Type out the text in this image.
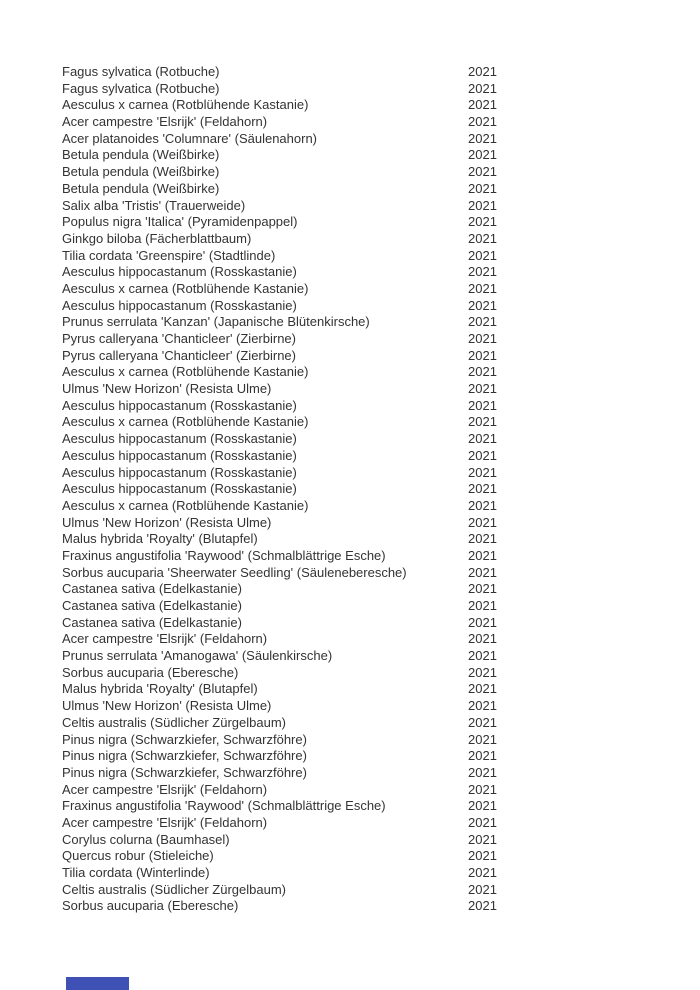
Fagus sylvatica (Rotbuche)	2021
Fagus sylvatica (Rotbuche)	2021
Aesculus x carnea (Rotblühende Kastanie)	2021
Acer campestre 'Elsrijk' (Feldahorn)	2021
Acer platanoides 'Columnare' (Säulenahorn)	2021
Betula pendula (Weißbirke)	2021
Betula pendula (Weißbirke)	2021
Betula pendula (Weißbirke)	2021
Salix alba 'Tristis' (Trauerweide)	2021
Populus nigra 'Italica' (Pyramidenpappel)	2021
Ginkgo biloba (Fächerblattbaum)	2021
Tilia cordata 'Greenspire' (Stadtlinde)	2021
Aesculus hippocastanum (Rosskastanie)	2021
Aesculus x carnea (Rotblühende Kastanie)	2021
Aesculus hippocastanum (Rosskastanie)	2021
Prunus serrulata 'Kanzan' (Japanische Blütenkirsche)	2021
Pyrus calleryana 'Chanticleer' (Zierbirne)	2021
Pyrus calleryana 'Chanticleer' (Zierbirne)	2021
Aesculus x carnea (Rotblühende Kastanie)	2021
Ulmus 'New Horizon' (Resista Ulme)	2021
Aesculus hippocastanum (Rosskastanie)	2021
Aesculus x carnea (Rotblühende Kastanie)	2021
Aesculus hippocastanum (Rosskastanie)	2021
Aesculus hippocastanum (Rosskastanie)	2021
Aesculus hippocastanum (Rosskastanie)	2021
Aesculus hippocastanum (Rosskastanie)	2021
Aesculus x carnea (Rotblühende Kastanie)	2021
Ulmus 'New Horizon' (Resista Ulme)	2021
Malus hybrida 'Royalty' (Blutapfel)	2021
Fraxinus angustifolia 'Raywood' (Schmalblättrige Esche)	2021
Sorbus aucuparia 'Sheerwater Seedling' (Säuleneberesche)	2021
Castanea sativa (Edelkastanie)	2021
Castanea sativa (Edelkastanie)	2021
Castanea sativa (Edelkastanie)	2021
Acer campestre 'Elsrijk' (Feldahorn)	2021
Prunus serrulata 'Amanogawa' (Säulenkirsche)	2021
Sorbus aucuparia (Eberesche)	2021
Malus hybrida 'Royalty' (Blutapfel)	2021
Ulmus 'New Horizon' (Resista Ulme)	2021
Celtis australis (Südlicher Zürgelbaum)	2021
Pinus nigra (Schwarzkiefer, Schwarzföhre)	2021
Pinus nigra (Schwarzkiefer, Schwarzföhre)	2021
Pinus nigra (Schwarzkiefer, Schwarzföhre)	2021
Acer campestre 'Elsrijk' (Feldahorn)	2021
Fraxinus angustifolia 'Raywood' (Schmalblättrige Esche)	2021
Acer campestre 'Elsrijk' (Feldahorn)	2021
Corylus colurna (Baumhasel)	2021
Quercus robur (Stieleiche)	2021
Tilia cordata (Winterlinde)	2021
Celtis australis (Südlicher Zürgelbaum)	2021
Sorbus aucuparia (Eberesche)	2021
